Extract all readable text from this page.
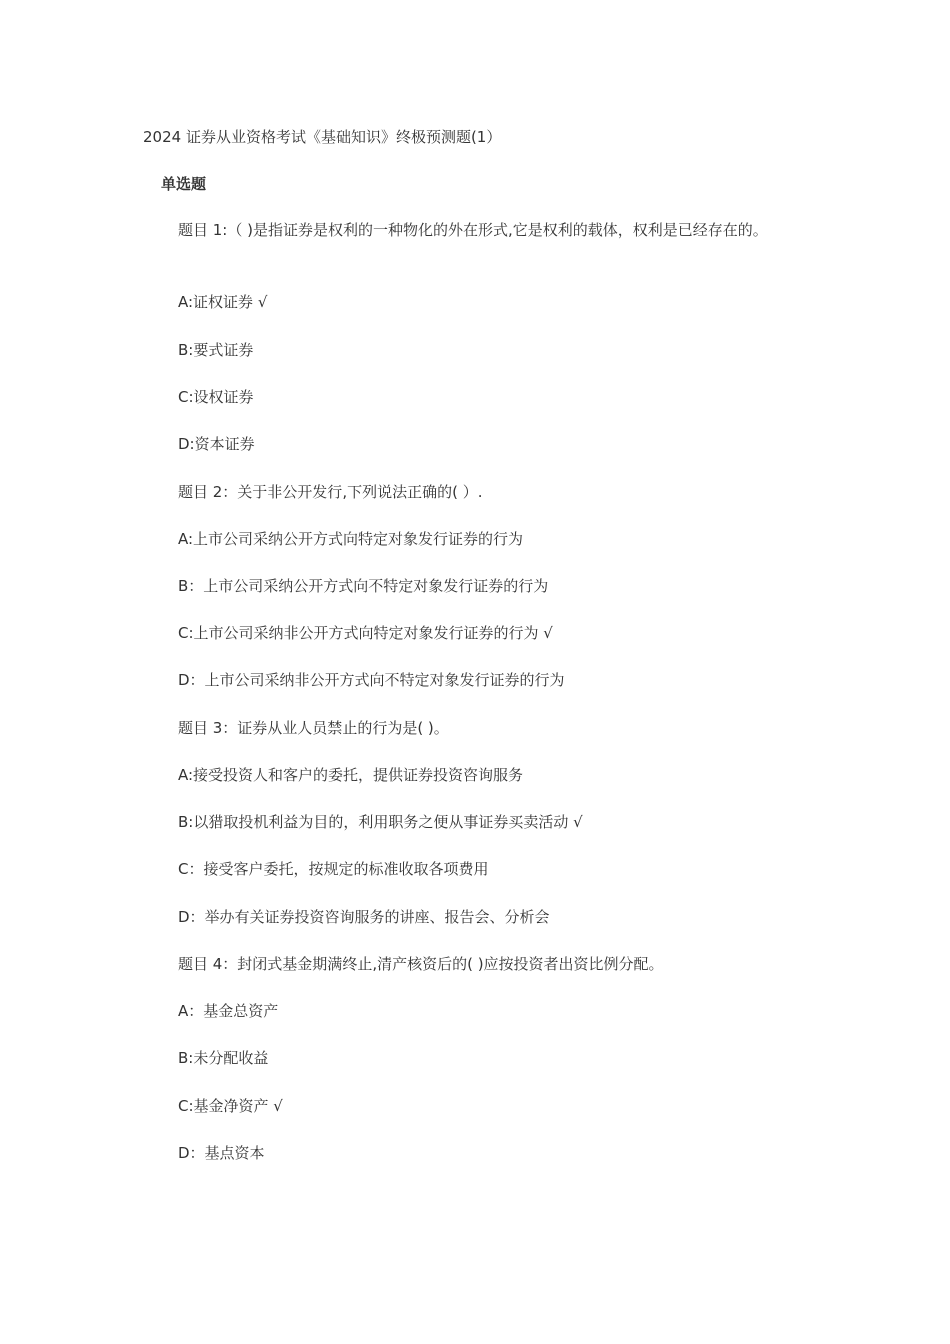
2024 证券从业资格考试《基础知识》终极预测题(1）
单选题
题目 1:（ )是指证券是权利的一种物化的外在形式,它是权利的载体，权利是已经存在的。
A:证权证券 √
B:要式证券
C:设权证券
D:资本证券
题目 2：关于非公开发行,下列说法正确的( ）.
A:上市公司采纳公开方式向特定对象发行证券的行为
B：上市公司采纳公开方式向不特定对象发行证券的行为
C:上市公司采纳非公开方式向特定对象发行证券的行为 √
D：上市公司采纳非公开方式向不特定对象发行证券的行为
题目 3：证券从业人员禁止的行为是( )。
A:接受投资人和客户的委托，提供证券投资咨询服务
B:以猎取投机利益为目的，利用职务之便从事证券买卖活动 √
C：接受客户委托，按规定的标准收取各项费用
D：举办有关证券投资咨询服务的讲座、报告会、分析会
题目 4：封闭式基金期满终止,清产核资后的( )应按投资者出资比例分配。
A：基金总资产
B:未分配收益
C:基金净资产 √
D：基点资本
